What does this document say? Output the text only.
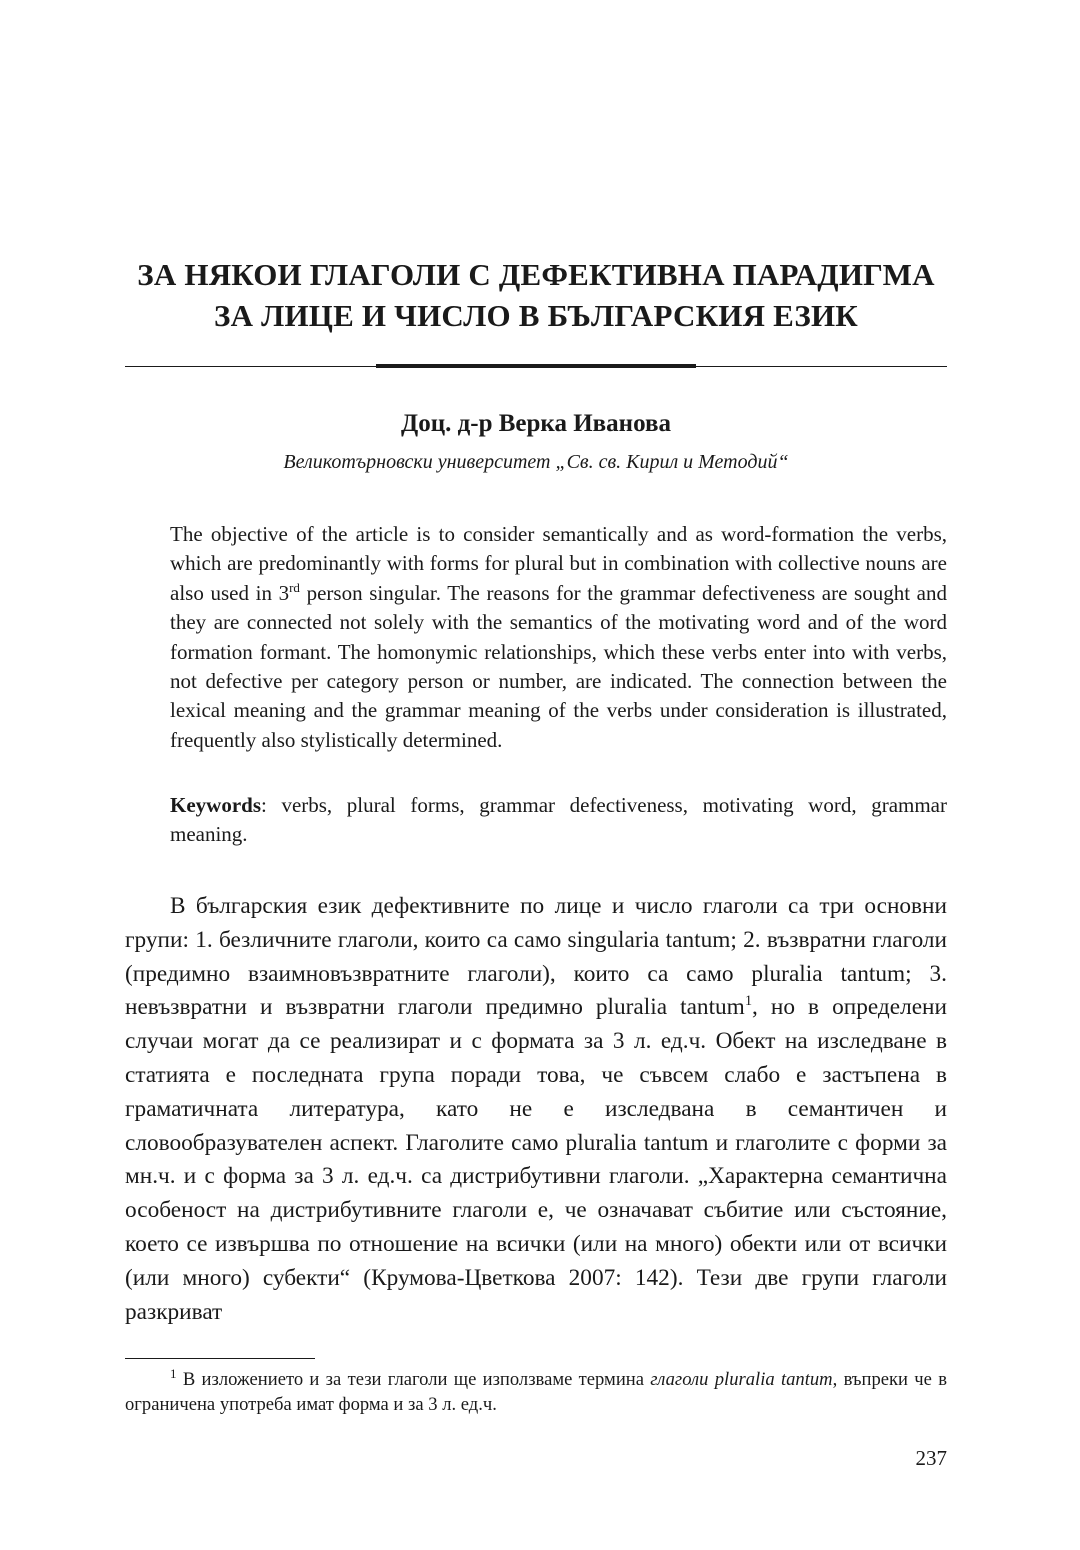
ЗА НЯКОИ ГЛАГОЛИ С ДЕФЕКТИВНА ПАРАДИГМА
ЗА ЛИЦЕ И ЧИСЛО В БЪЛГАРСКИЯ ЕЗИК
Доц. д-р Верка Иванова
Великотърновски университет „Св. св. Кирил и Методий“

The objective of the article is to consider semantically and as word-formation the verbs, which are predominantly with forms for plural but in combination with collective nouns are also used in 3rd person singular. The reasons for the grammar defectiveness are sought and they are connected not solely with the semantics of the motivating word and of the word formation formant. The homonymic relationships, which these verbs enter into with verbs, not defective per category person or number, are indicated. The connection between the lexical meaning and the grammar meaning of the verbs under consideration is illustrated, frequently also stylistically determined.

Keywords: verbs, plural forms, grammar defectiveness, motivating word, grammar meaning.

В българския език дефективните по лице и число глаголи са три основни групи: 1. безличните глаголи, които са само singularia tantum; 2. възвратни глаголи (предимно взаимновъзвратните глаголи), които са само pluralia tantum; 3. невъзвратни и възвратни глаголи предимно pluralia tantum$^1$, но в определени случаи могат да се реализират и с формата за 3 л. ед.ч. Обект на изследване в статията е последната група поради това, че съвсем слабо е застъпена в граматичната литература, като не е изследвана в семантичен и словообразувателен аспект. Глаголите само pluralia tantum и глаголите с форми за мн.ч. и с форма за 3 л. ед.ч. са дистрибутивни глаголи. „Характерна семантична особеност на дистрибутивните глаголи е, че означават събитие или състояние, което се извършва по отношение на всички (или на много) обекти или от всички (или много) субекти“ (Крумова-Цветкова 2007: 142). Тези две групи глаголи разкриват

$^1$ В изложението и за тези глаголи ще използваме термина глаголи pluralia tantum, въпреки че в ограничена употреба имат форма и за 3 л. ед.ч.

237
